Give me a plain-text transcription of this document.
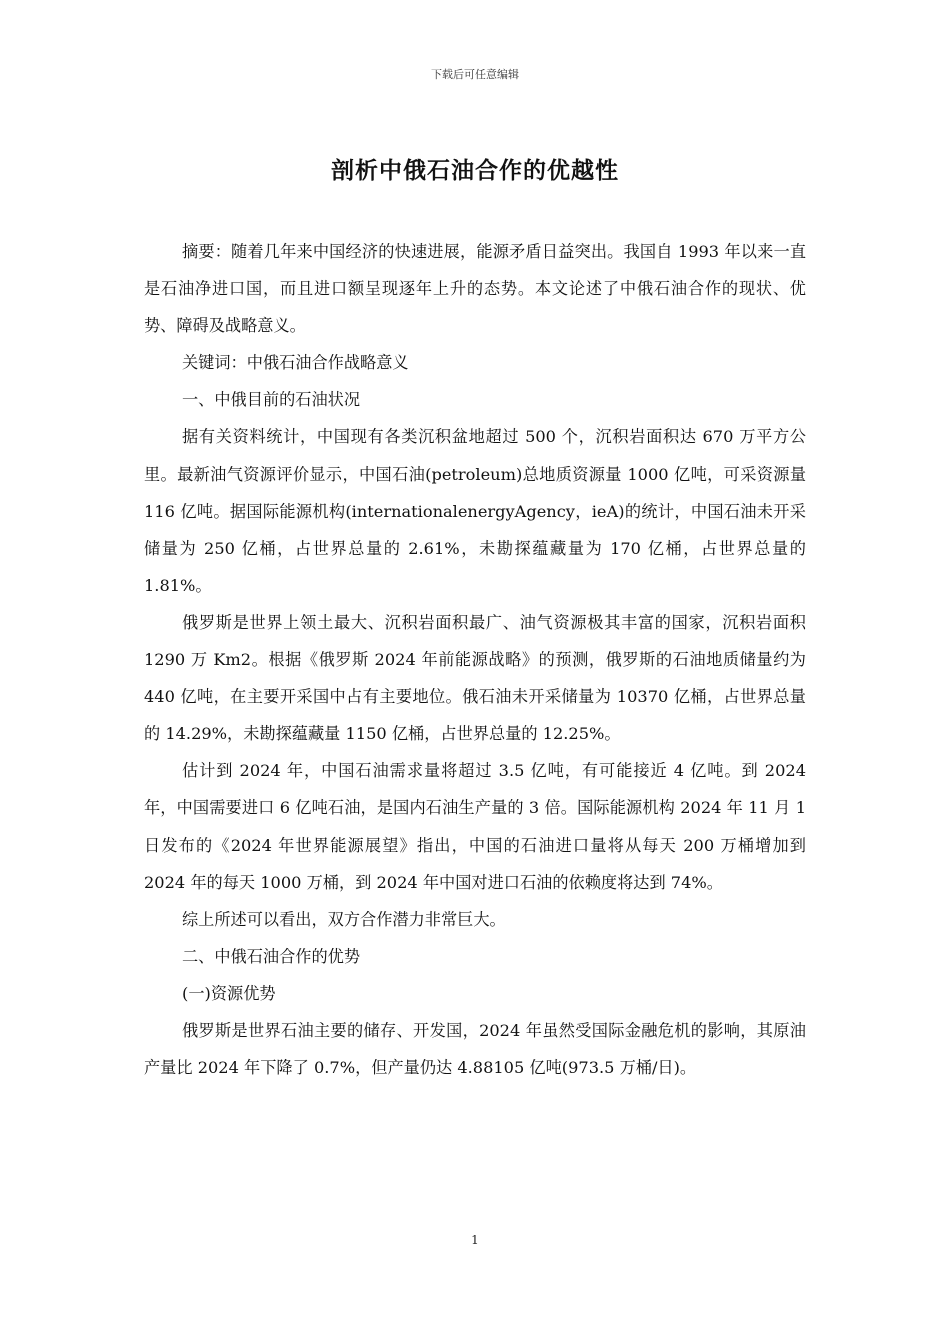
下载后可任意编辑
剖析中俄石油合作的优越性

摘要：随着几年来中国经济的快速进展，能源矛盾日益突出。我国自 1993 年以来一直是石油净进口国，而且进口额呈现逐年上升的态势。本文论述了中俄石油合作的现状、优势、障碍及战略意义。

关键词：中俄石油合作战略意义

一、中俄目前的石油状况

据有关资料统计，中国现有各类沉积盆地超过 500 个，沉积岩面积达 670 万平方公里。最新油气资源评价显示，中国石油(petroleum)总地质资源量 1000 亿吨，可采资源量 116 亿吨。据国际能源机构(internationalenergyAgency，ieA)的统计，中国石油未开采储量为 250 亿桶，占世界总量的 2.61%，未勘探蕴藏量为 170 亿桶，占世界总量的 1.81%。

俄罗斯是世界上领土最大、沉积岩面积最广、油气资源极其丰富的国家，沉积岩面积 1290 万 Km2。根据《俄罗斯 2024 年前能源战略》的预测，俄罗斯的石油地质储量约为 440 亿吨，在主要开采国中占有主要地位。俄石油未开采储量为 10370 亿桶，占世界总量的 14.29%，未勘探蕴藏量 1150 亿桶，占世界总量的 12.25%。

估计到 2024 年，中国石油需求量将超过 3.5 亿吨，有可能接近 4 亿吨。到 2024 年，中国需要进口 6 亿吨石油，是国内石油生产量的 3 倍。国际能源机构 2024 年 11 月 1 日发布的《2024 年世界能源展望》指出，中国的石油进口量将从每天 200 万桶增加到 2024 年的每天 1000 万桶，到 2024 年中国对进口石油的依赖度将达到 74%。

综上所述可以看出，双方合作潜力非常巨大。

二、中俄石油合作的优势

(一)资源优势

俄罗斯是世界石油主要的储存、开发国，2024 年虽然受国际金融危机的影响，其原油产量比 2024 年下降了 0.7%，但产量仍达 4.88105 亿吨(973.5 万桶/日)。

1
